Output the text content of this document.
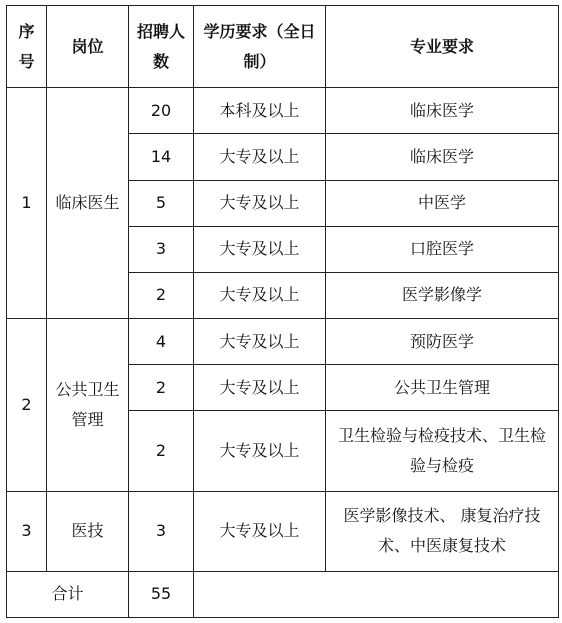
序号	岗位	招聘人数	学历要求（全日制）	专业要求
1	临床医生	20	本科及以上	临床医学
		14	大专及以上	临床医学
		5	大专及以上	中医学
		3	大专及以上	口腔医学
		2	大专及以上	医学影像学
2	公共卫生管理	4	大专及以上	预防医学
		2	大专及以上	公共卫生管理
		2	大专及以上	卫生检验与检疫技术、卫生检验与检疫
3	医技	3	大专及以上	医学影像技术、 康复治疗技术、中医康复技术
合计		55		
